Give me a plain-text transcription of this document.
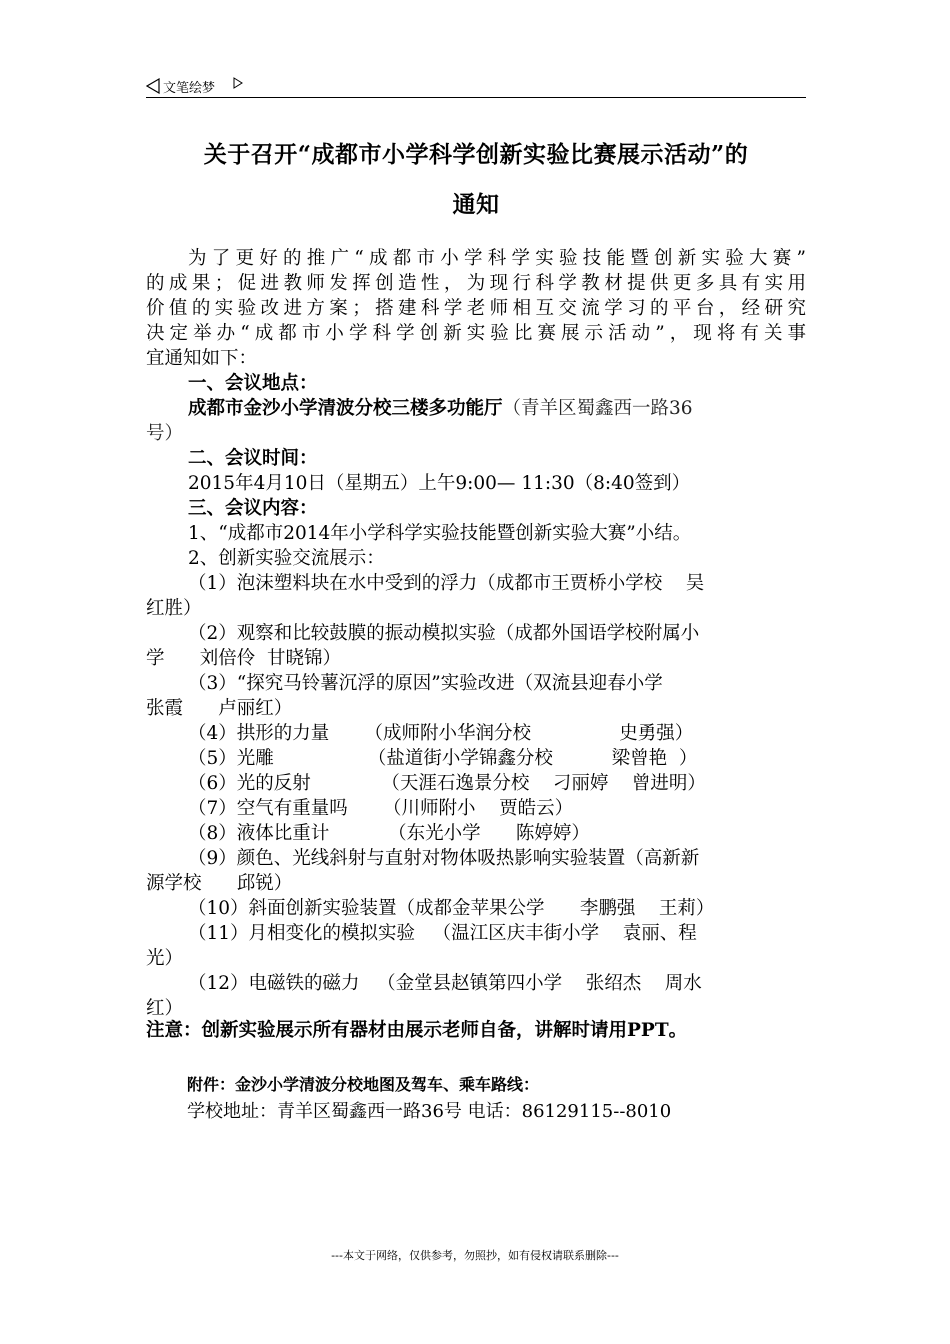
文笔绘梦
关于召开“成都市小学科学创新实验比赛展示活动”的
通知
为了更好的推广“成都市小学科学实验技能暨创新实验大赛”
的成果；促进教师发挥创造性，为现行科学教材提供更多具有实用
价值的实验改进方案；搭建科学老师相互交流学习的平台，经研究
决定举办“成都市小学科学创新实验比赛展示活动”，现将有关事
宜通知如下：
一、会议地点：
成都市金沙小学清波分校三楼多功能厅（青羊区蜀鑫西一路36
号）
二、会议时间：
2015年4月10日（星期五）上午9:00— 11:30（8:40签到）
三、会议内容：
1、“成都市2014年小学科学实验技能暨创新实验大赛”小结。
2、创新实验交流展示：
（1）泡沫塑料块在水中受到的浮力（成都市王贾桥小学校    吴
红胜）
（2）观察和比较鼓膜的振动模拟实验（成都外国语学校附属小
学      刘倍伶  甘晓锦）
（3）“探究马铃薯沉浮的原因”实验改进（双流县迎春小学
张霞      卢丽红）
（4）拱形的力量      （成师附小华润分校               史勇强）
（5）光雕                （盐道街小学锦鑫分校          梁曾艳  ）
（6）光的反射            （天涯石逸景分校    刁丽婷    曾进明）
（7）空气有重量吗      （川师附小    贾皓云）
（8）液体比重计          （东光小学      陈婷婷）
（9）颜色、光线斜射与直射对物体吸热影响实验装置（高新新
源学校      邱锐）
（10）斜面创新实验装置（成都金苹果公学      李鹏强    王莉）
（11）月相变化的模拟实验   （温江区庆丰街小学    袁丽、程
光）
（12）电磁铁的磁力   （金堂县赵镇第四小学    张绍杰    周水
红）
注意：创新实验展示所有器材由展示老师自备，讲解时请用PPT。
附件：金沙小学清波分校地图及驾车、乘车路线：
学校地址：青羊区蜀鑫西一路36号 电话：86129115--8010
---本文于网络，仅供参考，勿照抄，如有侵权请联系删除---
